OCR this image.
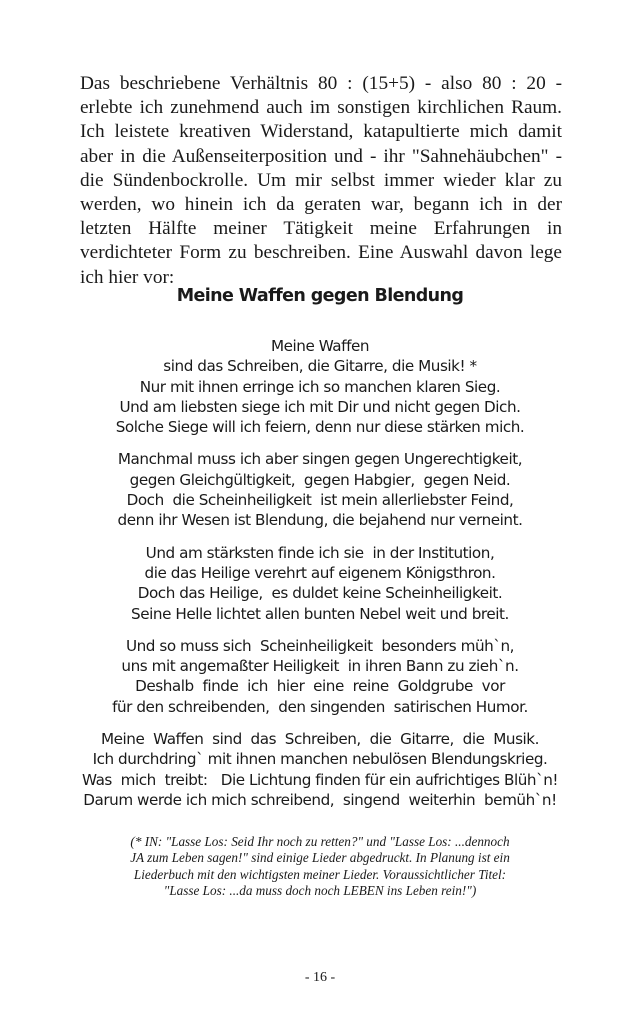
Das beschriebene Verhältnis 80 : (15+5) - also 80 : 20 - erlebte ich zunehmend auch im sonstigen kirchlichen Raum. Ich leistete kreativen Widerstand, katapultierte mich damit aber in die Außenseiterposition und - ihr "Sahnehäubchen" - die Sündenbockrolle. Um mir selbst immer wieder klar zu werden, wo hinein ich da geraten war, begann ich in der letzten Hälfte meiner Tätigkeit meine Erfahrungen in verdichteter Form zu beschreiben. Eine Auswahl davon lege ich hier vor:

Meine Waffen gegen Blendung
Meine Waffen
sind das Schreiben, die Gitarre, die Musik! *
Nur mit ihnen erringe ich so manchen klaren Sieg.
Und am liebsten siege ich mit Dir und nicht gegen Dich.
Solche Siege will ich feiern, denn nur diese stärken mich.
Manchmal muss ich aber singen gegen Ungerechtigkeit,
gegen Gleichgültigkeit,  gegen Habgier,  gegen Neid.
Doch  die Scheinheiligkeit  ist mein allerliebster Feind,
denn ihr Wesen ist Blendung, die bejahend nur verneint.
Und am stärksten finde ich sie  in der Institution,
die das Heilige verehrt auf eigenem Königsthron.
Doch das Heilige,  es duldet keine Scheinheiligkeit.
Seine Helle lichtet allen bunten Nebel weit und breit.
Und so muss sich  Scheinheiligkeit  besonders müh`n,
uns mit angemaßter Heiligkeit  in ihren Bann zu zieh`n.
Deshalb  finde  ich  hier  eine  reine  Goldgrube  vor
für den schreibenden,  den singenden  satirischen Humor.
Meine  Waffen  sind  das  Schreiben,  die  Gitarre,  die  Musik.
Ich durchdring` mit ihnen manchen nebulösen Blendungskrieg.
Was  mich  treibt:   Die Lichtung finden für ein aufrichtiges Blüh`n!
Darum werde ich mich schreibend,  singend  weiterhin  bemüh`n!

(* IN: "Lasse Los: Seid Ihr noch zu retten?" und "Lasse Los: ...dennoch

JA zum Leben sagen!" sind einige Lieder abgedruckt. In Planung ist ein

Liederbuch mit den wichtigsten meiner Lieder. Voraussichtlicher Titel:

"Lasse Los: ...da muss doch noch LEBEN ins Leben rein!")

- 16 -
